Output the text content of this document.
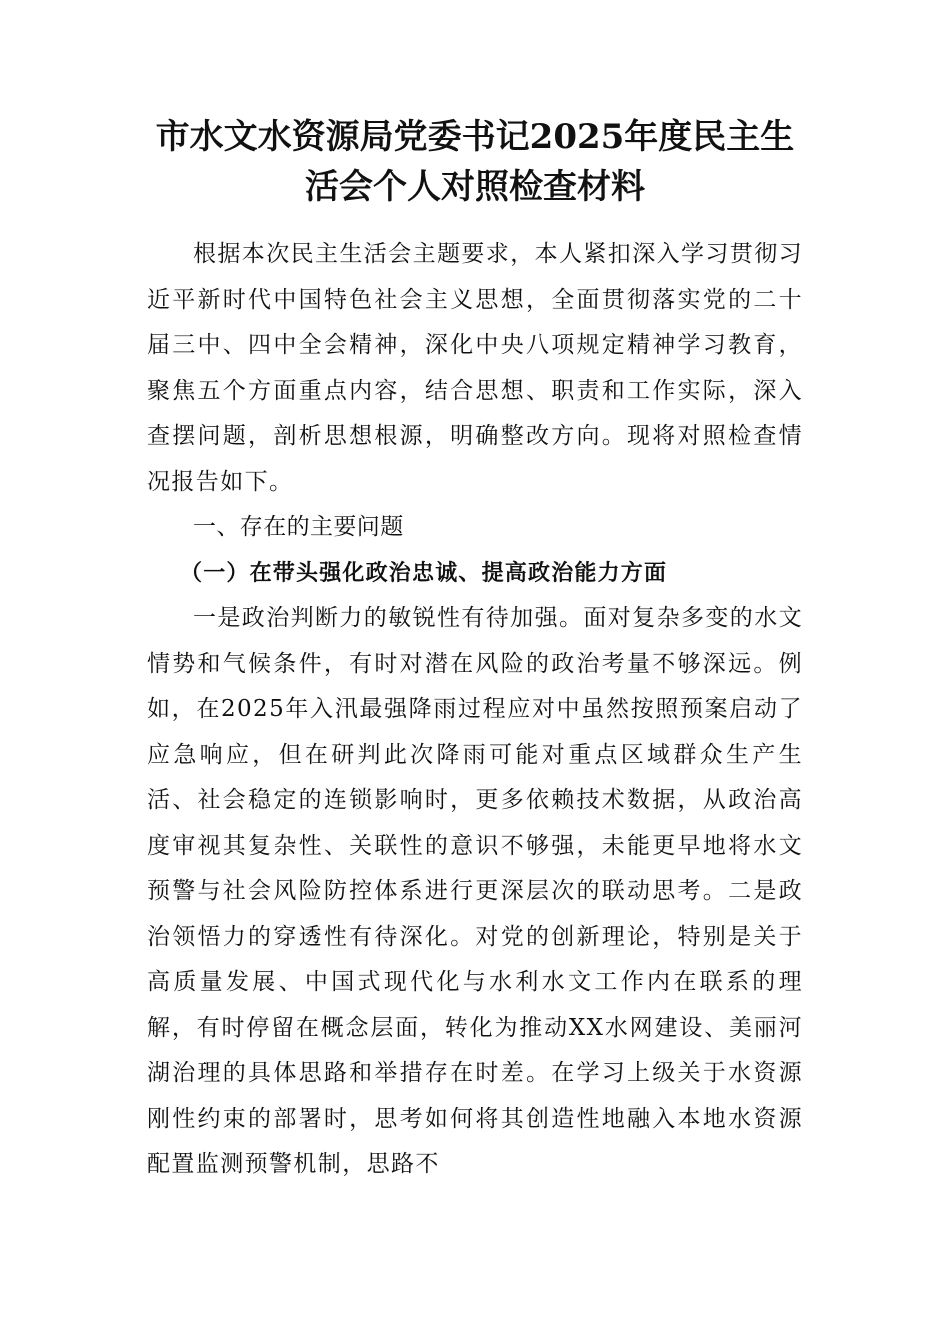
市水文水资源局党委书记2025年度民主生
活会个人对照检查材料

根据本次民主生活会主题要求，本人紧扣深入学习贯彻习近平新时代中国特色社会主义思想，全面贯彻落实党的二十届三中、四中全会精神，深化中央八项规定精神学习教育，聚焦五个方面重点内容，结合思想、职责和工作实际，深入查摆问题，剖析思想根源，明确整改方向。现将对照检查情况报告如下。

一、存在的主要问题

（一）在带头强化政治忠诚、提高政治能力方面

一是政治判断力的敏锐性有待加强。面对复杂多变的水文情势和气候条件，有时对潜在风险的政治考量不够深远。例如，在2025年入汛最强降雨过程应对中虽然按照预案启动了应急响应，但在研判此次降雨可能对重点区域群众生产生活、社会稳定的连锁影响时，更多依赖技术数据，从政治高度审视其复杂性、关联性的意识不够强，未能更早地将水文预警与社会风险防控体系进行更深层次的联动思考。二是政治领悟力的穿透性有待深化。对党的创新理论，特别是关于高质量发展、中国式现代化与水利水文工作内在联系的理解，有时停留在概念层面，转化为推动XX水网建设、美丽河湖治理的具体思路和举措存在时差。在学习上级关于水资源刚性约束的部署时，思考如何将其创造性地融入本地水资源配置监测预警机制，思路不
